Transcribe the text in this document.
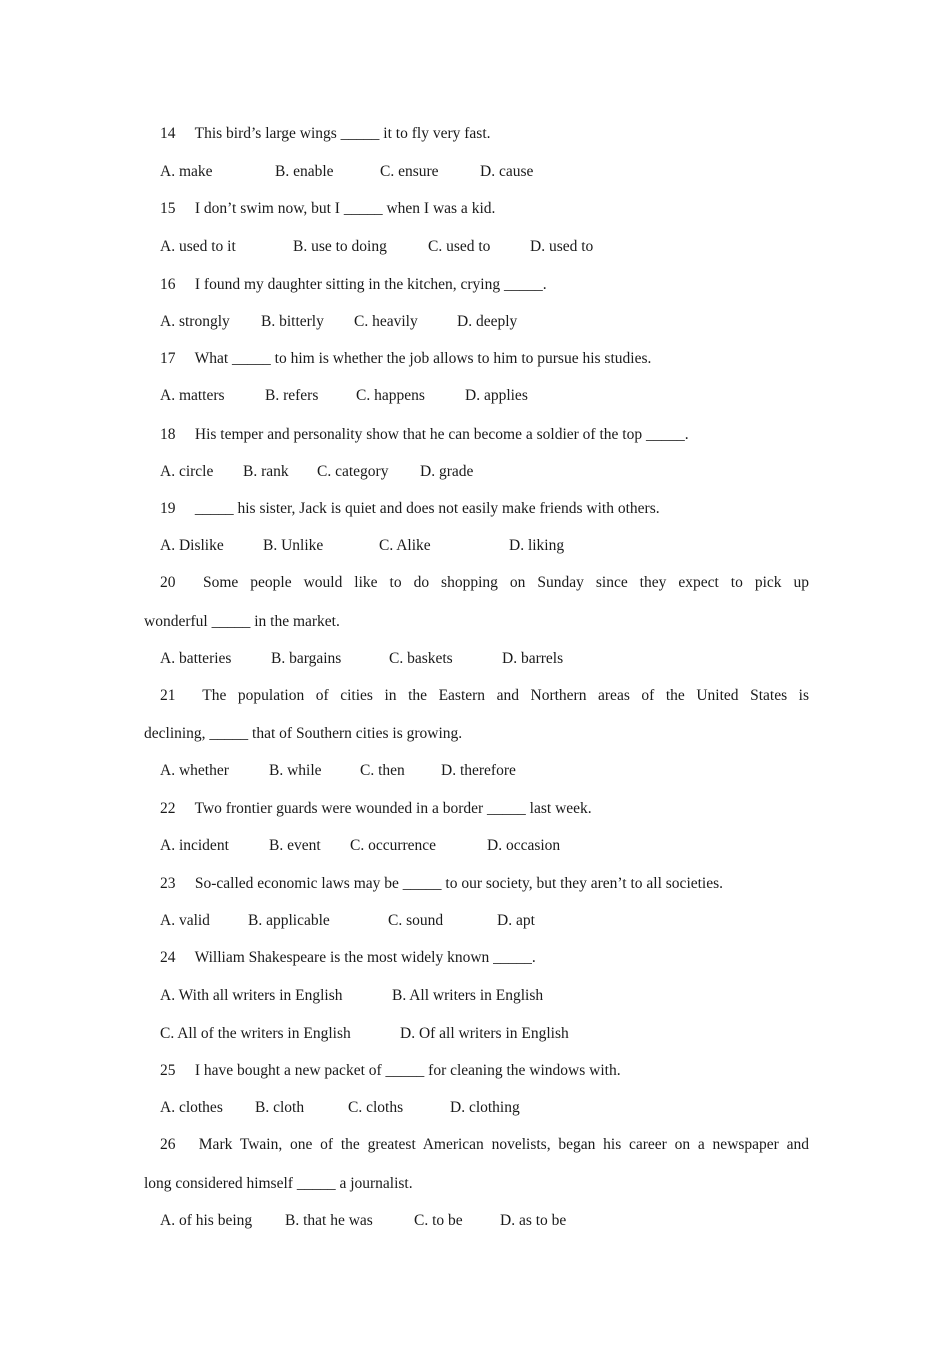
14  This bird’s large wings _____ it to fly very fast.
A. make	B. enable	C. ensure	D. cause
15  I don’t swim now, but I _____ when I was a kid.
A. used to it	B. use to doing	C. used to	D. used to
16  I found my daughter sitting in the kitchen, crying _____.
A. strongly B. bitterly C. heavily	D. deeply
17  What _____ to him is whether the job allows to him to pursue his studies.
A. matters	B. refers C. happens	D. applies
18  His temper and personality show that he can become a soldier of the top _____.
A. circle B. rank C. category D. grade
19  _____ his sister, Jack is quiet and does not easily make friends with others.
A. Dislike	B. Unlike	C. Alike	D. liking
20  Some people would like to do shopping on Sunday since they expect to pick up
wonderful _____ in the market.
A. batteries	B. bargains	C. baskets	D. barrels
21  The population of cities in the Eastern and Northern areas of the United States is
declining, _____ that of Southern cities is growing.
A. whether	B. while C. then D. therefore
22  Two frontier guards were wounded in a border _____ last week.
A. incident	B. event C. occurrence	D. occasion
23  So-called economic laws may be _____ to our society, but they aren’t to all societies.
A. valid B. applicable	C. sound	D. apt
24  William Shakespeare is the most widely known _____.
A. With all writers in English	B. All writers in English
C. All of the writers in English	D. Of all writers in English
25  I have bought a new packet of _____ for cleaning the windows with.
A. clothes B. cloth	C. cloths	D. clothing
26  Mark Twain, one of the greatest American novelists, began his career on a newspaper and
long considered himself _____ a journalist.
A. of his being B. that he was	C. to be D. as to be
